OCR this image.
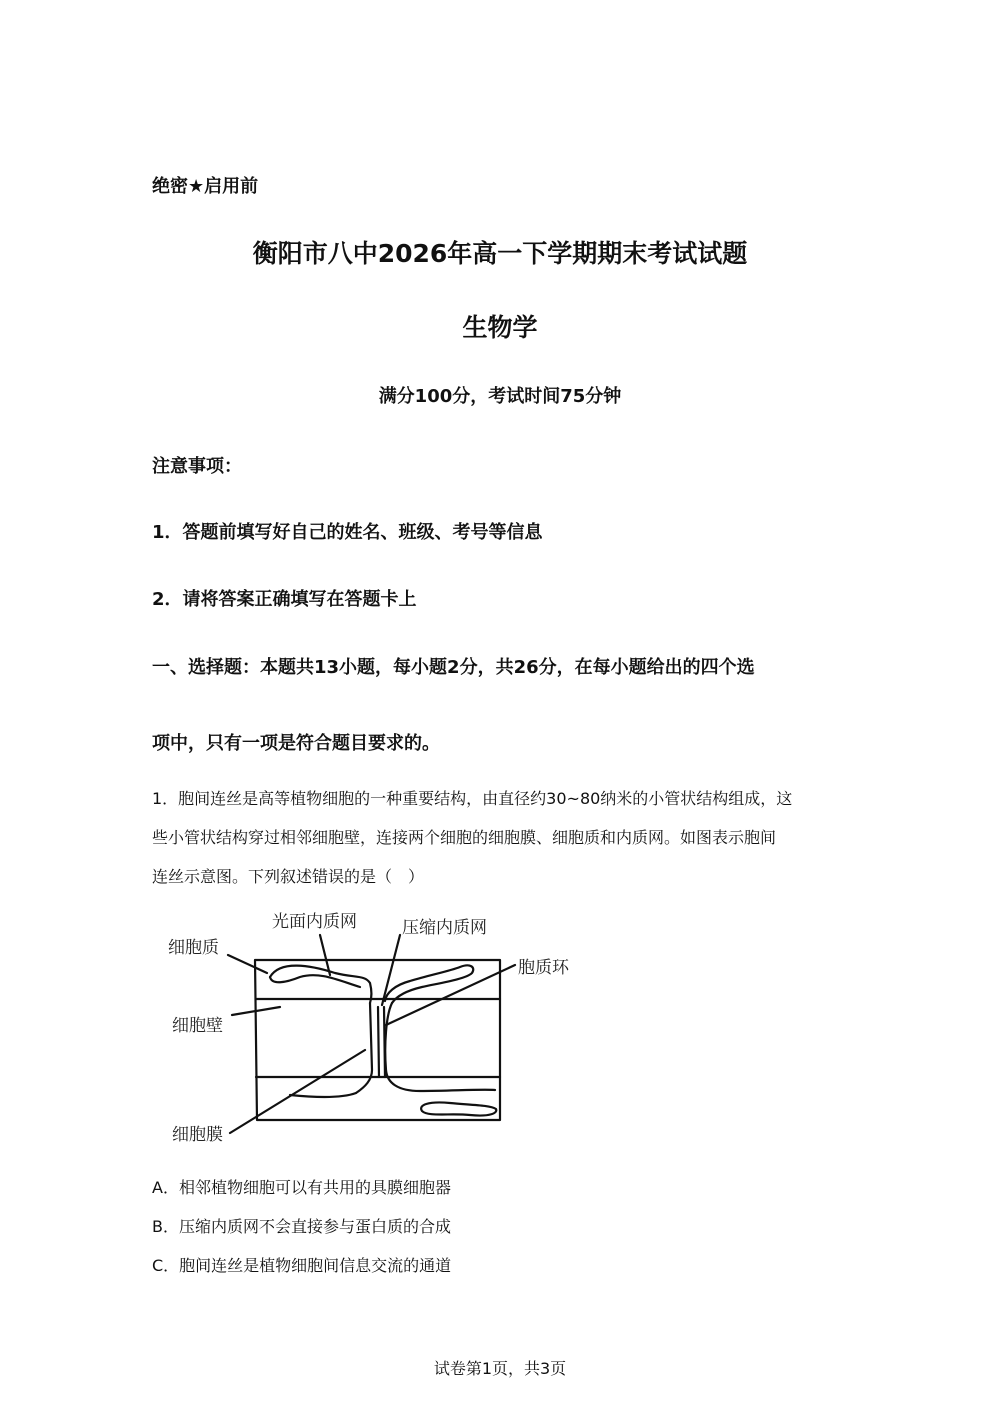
绝密★启用前
衡阳市八中2026年高一下学期期末考试试题
生物学
满分100分，考试时间75分钟
注意事项：
1．答题前填写好自己的姓名、班级、考号等信息
2．请将答案正确填写在答题卡上
一、选择题：本题共13小题，每小题2分，共26分，在每小题给出的四个选
项中，只有一项是符合题目要求的。
1．胞间连丝是高等植物细胞的一种重要结构，由直径约30~80纳米的小管状结构组成，这
些小管状结构穿过相邻细胞壁，连接两个细胞的细胞膜、细胞质和内质网。如图表示胞间
连丝示意图。下列叙述错误的是（　）
细胞质
细胞壁
细胞膜
光面内质网	压缩内质网
胞质环
A．相邻植物细胞可以有共用的具膜细胞器
B．压缩内质网不会直接参与蛋白质的合成
C．胞间连丝是植物细胞间信息交流的通道
试卷第1页，共3页
